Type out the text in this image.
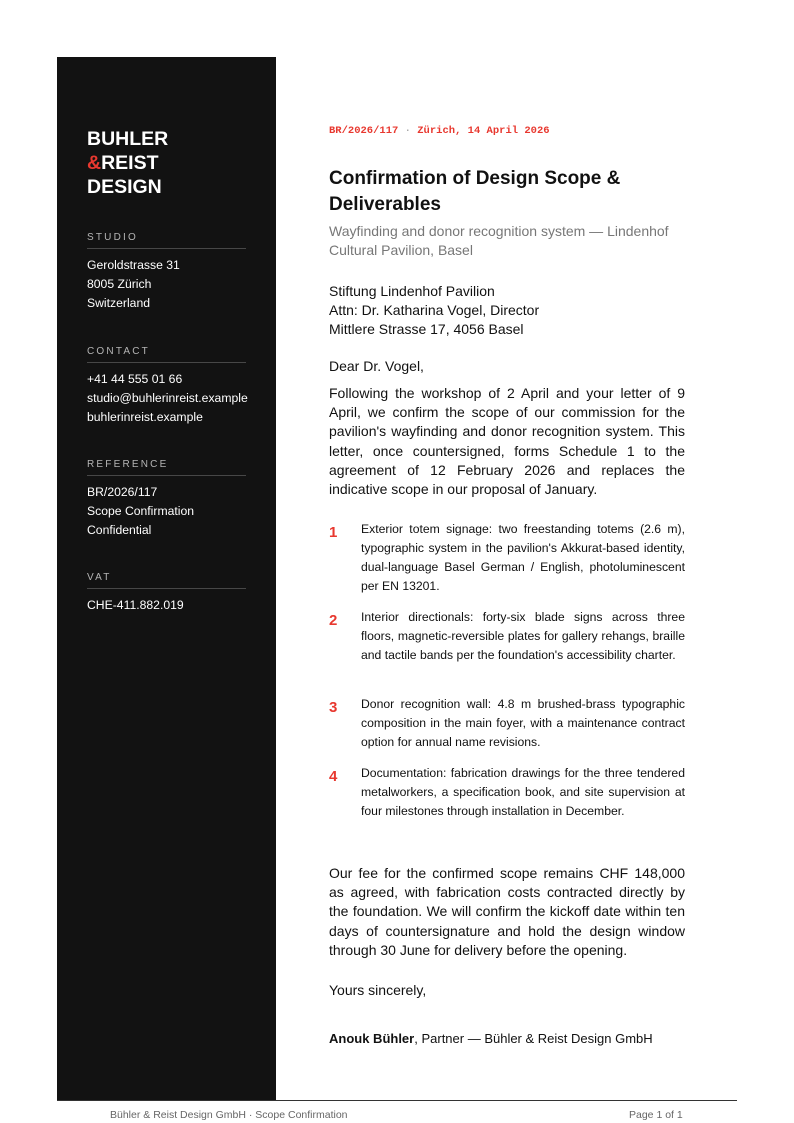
BUHLER
&REIST
DESIGN
STUDIO
Geroldstrasse 31
8005 Zürich
Switzerland
CONTACT
+41 44 555 01 66
studio@buhlerinreist.example
buhlerinreist.example
REFERENCE
BR/2026/117
Scope Confirmation
Confidential
VAT
CHE-411.882.019
BR/2026/117 · Zürich, 14 April 2026
Confirmation of Design Scope & Deliverables
Wayfinding and donor recognition system — Lindenhof Cultural Pavilion, Basel
Stiftung Lindenhof Pavilion
Attn: Dr. Katharina Vogel, Director
Mittlere Strasse 17, 4056 Basel
Dear Dr. Vogel,

Following the workshop of 2 April and your letter of 9 April, we confirm the scope of our commission for the pavilion's wayfinding and donor recognition system. This letter, once countersigned, forms Schedule 1 to the agreement of 12 February 2026 and replaces the indicative scope in our proposal of January.

1 Exterior totem signage: two freestanding totems (2.6 m), typographic system in the pavilion's Akkurat-based identity, dual-language Basel German / English, photoluminescent per EN 13201.

2 Interior directionals: forty-six blade signs across three floors, magnetic-reversible plates for gallery rehangs, braille and tactile bands per the foundation's accessibility charter.

3 Donor recognition wall: 4.8 m brushed-brass typographic composition in the main foyer, with a maintenance contract option for annual name revisions.

4 Documentation: fabrication drawings for the three tendered metalworkers, a specification book, and site supervision at four milestones through installation in December.

Our fee for the confirmed scope remains CHF 148,000 as agreed, with fabrication costs contracted directly by the foundation. We will confirm the kickoff date within ten days of countersignature and hold the design window through 30 June for delivery before the opening.

Yours sincerely,
Anouk Bühler, Partner — Bühler & Reist Design GmbH
Bühler & Reist Design GmbH · Scope Confirmation	Page 1 of 1
